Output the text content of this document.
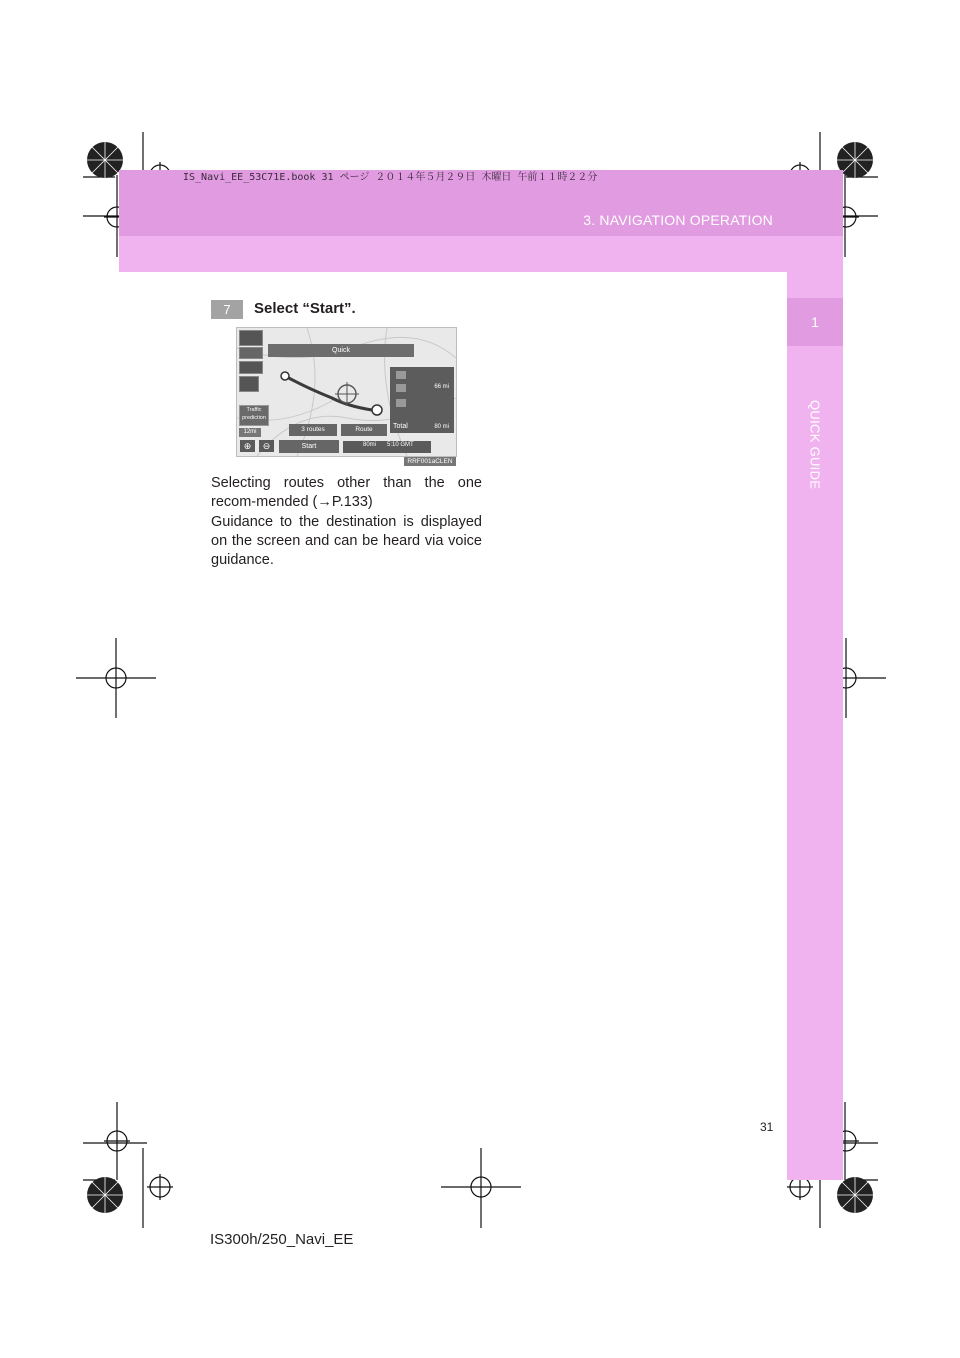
IS_Navi_EE_53C71E.book 31 ページ ２０１４年５月２９日 木曜日 午前１１時２２分
3. NAVIGATION OPERATION
1
QUICK GUIDE
7	Select “Start”.
Traffic prediction
12mi
Quick
66 mi
Total	80 mi
3 routes	Route
⊕	⊖	Start	80mi 5:10 GMT
RRF001aCLEN
Selecting routes other than the one recom-mended (→P.133)
Guidance to the destination is displayed on the screen and can be heard via voice guidance.
31
IS300h/250_Navi_EE
